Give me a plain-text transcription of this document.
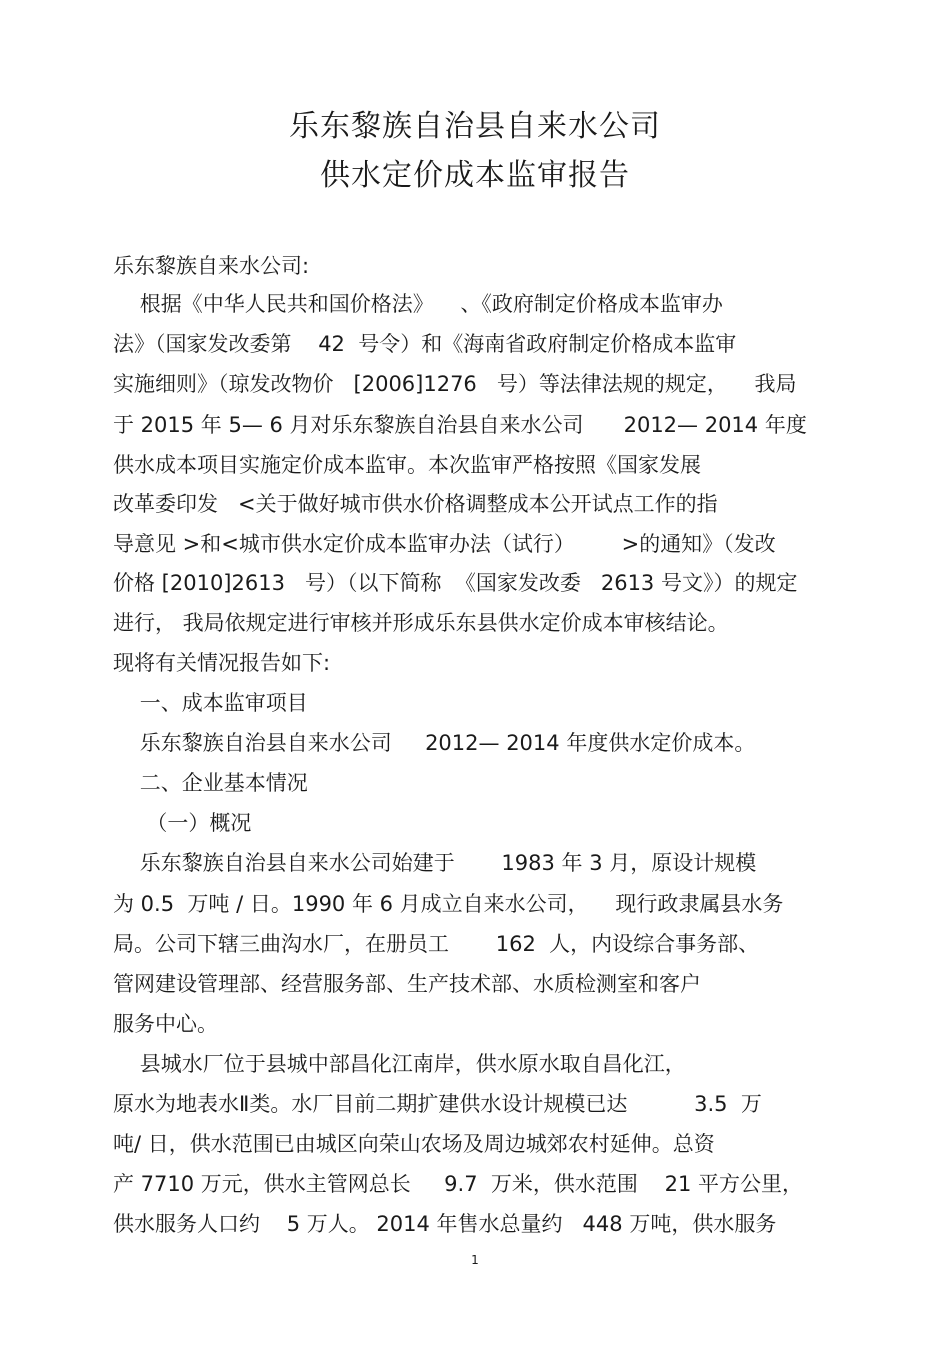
乐东黎族自治县自来水公司
供水定价成本监审报告
乐东黎族自来水公司:
根据《中华人民共和国价格法》    、《政府制定价格成本监审办
法》（国家发改委第    42  号令）和《海南省政府制定价格成本监审
实施细则》（琼发改物价   [2006]1276   号）等法律法规的规定，    我局
于 2015 年 5— 6 月对乐东黎族自治县自来水公司      2012— 2014 年度
供水成本项目实施定价成本监审。本次监审严格按照《国家发展
改革委印发   <关于做好城市供水价格调整成本公开试点工作的指
导意见 >和<城市供水定价成本监审办法（试行）       >的通知》（发改
价格 [2010]2613   号）（以下简称  《国家发改委   2613 号文》）的规定
进行， 我局依规定进行审核并形成乐东县供水定价成本审核结论。
现将有关情况报告如下:
一、成本监审项目
乐东黎族自治县自来水公司     2012— 2014 年度供水定价成本。
二、企业基本情况
（一）概况
乐东黎族自治县自来水公司始建于       1983 年 3 月，原设计规模
为 0.5  万吨 / 日。1990 年 6 月成立自来水公司，    现行政隶属县水务
局。公司下辖三曲沟水厂，在册员工       162  人，内设综合事务部、
管网建设管理部、经营服务部、生产技术部、水质检测室和客户
服务中心。
县城水厂位于县城中部昌化江南岸，供水原水取自昌化江，
原水为地表水Ⅱ类。水厂目前二期扩建供水设计规模已达          3.5  万
吨/ 日，供水范围已由城区向荣山农场及周边城郊农村延伸。总资
产 7710 万元，供水主管网总长     9.7  万米，供水范围    21 平方公里，
供水服务人口约    5 万人。 2014 年售水总量约   448 万吨，供水服务
1
